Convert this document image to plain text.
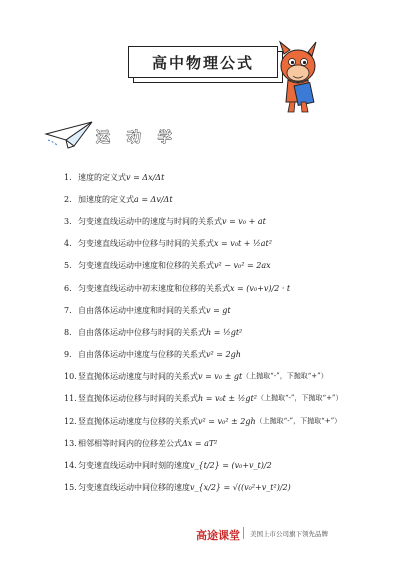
高中物理公式
运 动 学
1. 速度的定义式 v = Δx/Δt
2. 加速度的定义式 a = Δv/Δt
3. 匀变速直线运动中的速度与时间的关系式 v = v₀ + at
4. 匀变速直线运动中位移与时间的关系式 x = v₀t + ½at²
5. 匀变速直线运动中速度和位移的关系式 v² − v₀² = 2ax
6. 匀变速直线运动中初末速度和位移的关系式 x = (v₀+v)/2 · t
7. 自由落体运动中速度和时间的关系式 v = gt
8. 自由落体运动中位移与时间的关系式 h = ½gt²
9. 自由落体运动中速度与位移的关系式 v² = 2gh
10. 竖直抛体运动速度与时间的关系式 v = v₀ ± gt （上抛取“-”，下抛取“+”）
11. 竖直抛体运动位移与时间的关系式 h = v₀t ± ½gt² （上抛取“-”，下抛取“+”）
12. 竖直抛体运动速度与位移的关系式 v² = v₀² ± 2gh （上抛取“-”，下抛取“+”）
13. 相邻相等时间内的位移差公式 Δx = aT²
14. 匀变速直线运动中间时刻的速度 v_{t/2} = (v₀+v_t)/2
15. 匀变速直线运动中间位移的速度 v_{x/2} = √((v₀²+v_t²)/2)
高途课堂 美国上市公司旗下领先品牌
